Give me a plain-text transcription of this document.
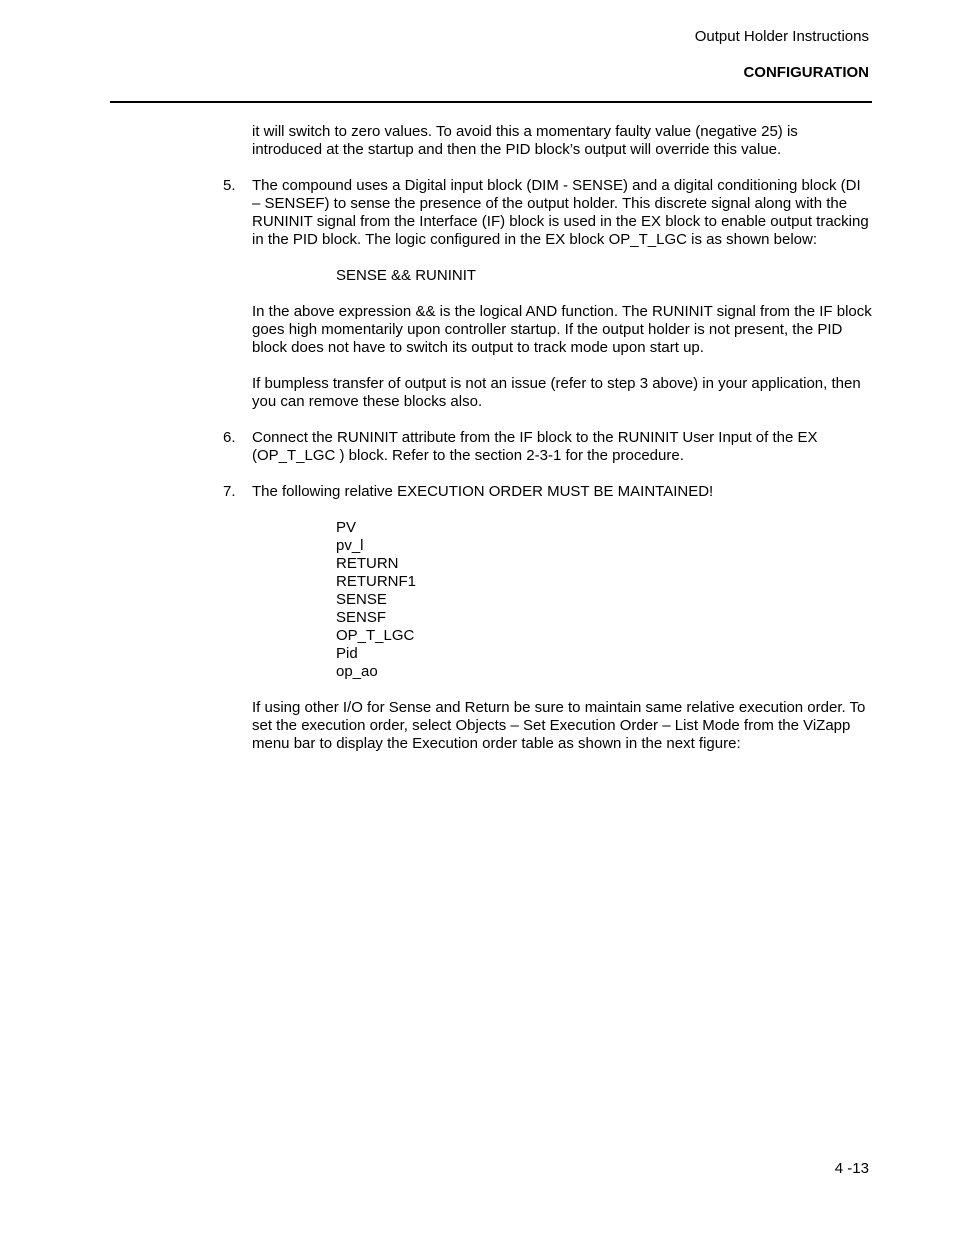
Output Holder Instructions
CONFIGURATION

it will switch to zero values. To avoid this a momentary faulty value (negative 25) is introduced at the startup and then the PID block’s output will override this value.

5. The compound uses a Digital input block (DIM - SENSE) and a digital conditioning block (DI – SENSEF) to sense the presence of the output holder. This discrete signal along with the RUNINIT signal from the Interface (IF) block is used in the EX block to enable output tracking in the PID block. The logic configured in the EX block OP_T_LGC is as shown below:

SENSE && RUNINIT

In the above expression && is the logical AND function. The RUNINIT signal from the IF block goes high momentarily upon controller startup. If the output holder is not present, the PID block does not have to switch its output to track mode upon start up.

If bumpless transfer of output is not an issue (refer to step 3 above) in your application, then you can remove these blocks also.

6. Connect the RUNINIT attribute from the IF block to the RUNINIT User Input of the EX (OP_T_LGC ) block. Refer to the section 2-3-1 for the procedure.
7. The following relative EXECUTION ORDER MUST BE MAINTAINED!
PV
pv_l
RETURN
RETURNF1
SENSE
SENSF
OP_T_LGC
Pid
op_ao

If using other I/O for Sense and Return be sure to maintain same relative execution order. To set the execution order, select Objects – Set Execution Order – List Mode from the ViZapp menu bar to display the Execution order table as shown in the next figure:

4 -13
